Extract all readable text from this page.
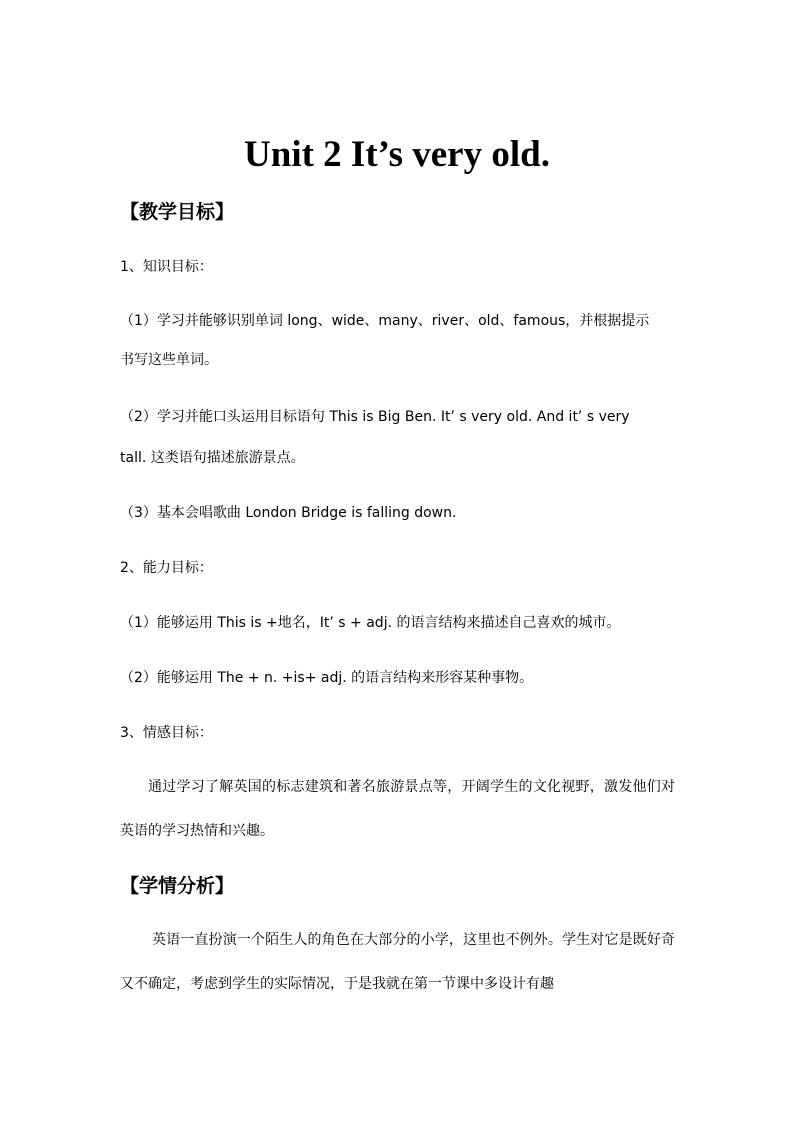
Unit 2 It’s very old.
【教学目标】
1、知识目标：
（1）学习并能够识别单词 long、wide、many、river、old、famous，并根据提示
书写这些单词。
（2）学习并能口头运用目标语句 This is Big Ben. It’ s very old. And it’ s very
tall. 这类语句描述旅游景点。
（3）基本会唱歌曲 London Bridge is falling down.
2、能力目标：
（1）能够运用 This is +地名，It’ s + adj. 的语言结构来描述自己喜欢的城市。
（2）能够运用 The + n. +is+ adj. 的语言结构来形容某种事物。
3、情感目标：
通过学习了解英国的标志建筑和著名旅游景点等，开阔学生的文化视野，激发他们对英语的学习热情和兴趣。
【学情分析】
英语一直扮演一个陌生人的角色在大部分的小学，这里也不例外。学生对它是既好奇又不确定，考虑到学生的实际情况，于是我就在第一节课中多设计有趣
